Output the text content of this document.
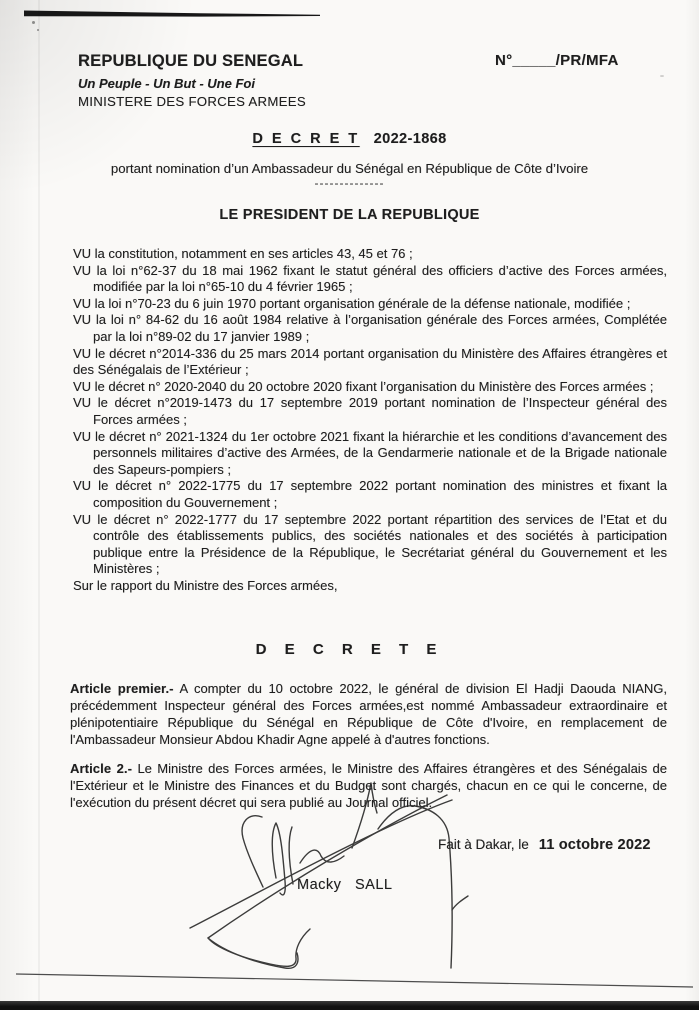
REPUBLIQUE DU SENEGAL
Un Peuple - Un But - Une Foi
MINISTERE DES FORCES ARMEES
N°_____/PR/MFA
D E C R E T 2022-1868
portant nomination d’un Ambassadeur du Sénégal en République de Côte d’Ivoire
--------------
LE PRESIDENT DE LA REPUBLIQUE
VU la constitution, notamment en ses articles 43, 45 et 76 ;
VU la loi n°62-37 du 18 mai 1962 fixant le statut général des officiers d’active des Forces armées, modifiée par la loi n°65-10 du 4 février 1965 ;
VU la loi n°70-23 du 6 juin 1970 portant organisation générale de la défense nationale, modifiée ;
VU la loi n° 84-62 du 16 août 1984 relative à l’organisation générale des Forces armées, Complétée par la loi n°89-02 du 17 janvier 1989 ;
VU le décret n°2014-336 du 25 mars 2014 portant organisation du Ministère des Affaires étrangères et des Sénégalais de l’Extérieur ;
VU le décret n° 2020-2040 du 20 octobre 2020 fixant l’organisation du Ministère des Forces armées ;
VU le décret n°2019-1473 du 17 septembre 2019 portant nomination de l’Inspecteur général des Forces armées ;
VU le décret n° 2021-1324 du 1er octobre 2021 fixant la hiérarchie et les conditions d’avancement des personnels militaires d’active des Armées, de la Gendarmerie nationale et de la Brigade nationale des Sapeurs-pompiers ;
VU le décret n° 2022-1775 du 17 septembre 2022 portant nomination des ministres et fixant la composition du Gouvernement ;
VU le décret n° 2022-1777 du 17 septembre 2022 portant répartition des services de l’Etat et du contrôle des établissements publics, des sociétés nationales et des sociétés à participation publique entre la Présidence de la République, le Secrétariat général du Gouvernement et les Ministères ;
Sur le rapport du Ministre des Forces armées,
D E C R E T E

Article premier.- A compter du 10 octobre 2022, le général de division El Hadji Daouda NIANG, précédemment Inspecteur général des Forces armées,est nommé Ambassadeur extraordinaire et plénipotentiaire République du Sénégal en République de Côte d'Ivoire, en remplacement de l'Ambassadeur Monsieur Abdou Khadir Agne appelé à d'autres fonctions.

Article 2.- Le Ministre des Forces armées, le Ministre des Affaires étrangères et des Sénégalais de l'Extérieur et le Ministre des Finances et du Budget sont chargés, chacun en ce qui le concerne, de l'exécution du présent décret qui sera publié au Journal officiel.

Fait à Dakar, le 11 octobre 2022
Macky   SALL
